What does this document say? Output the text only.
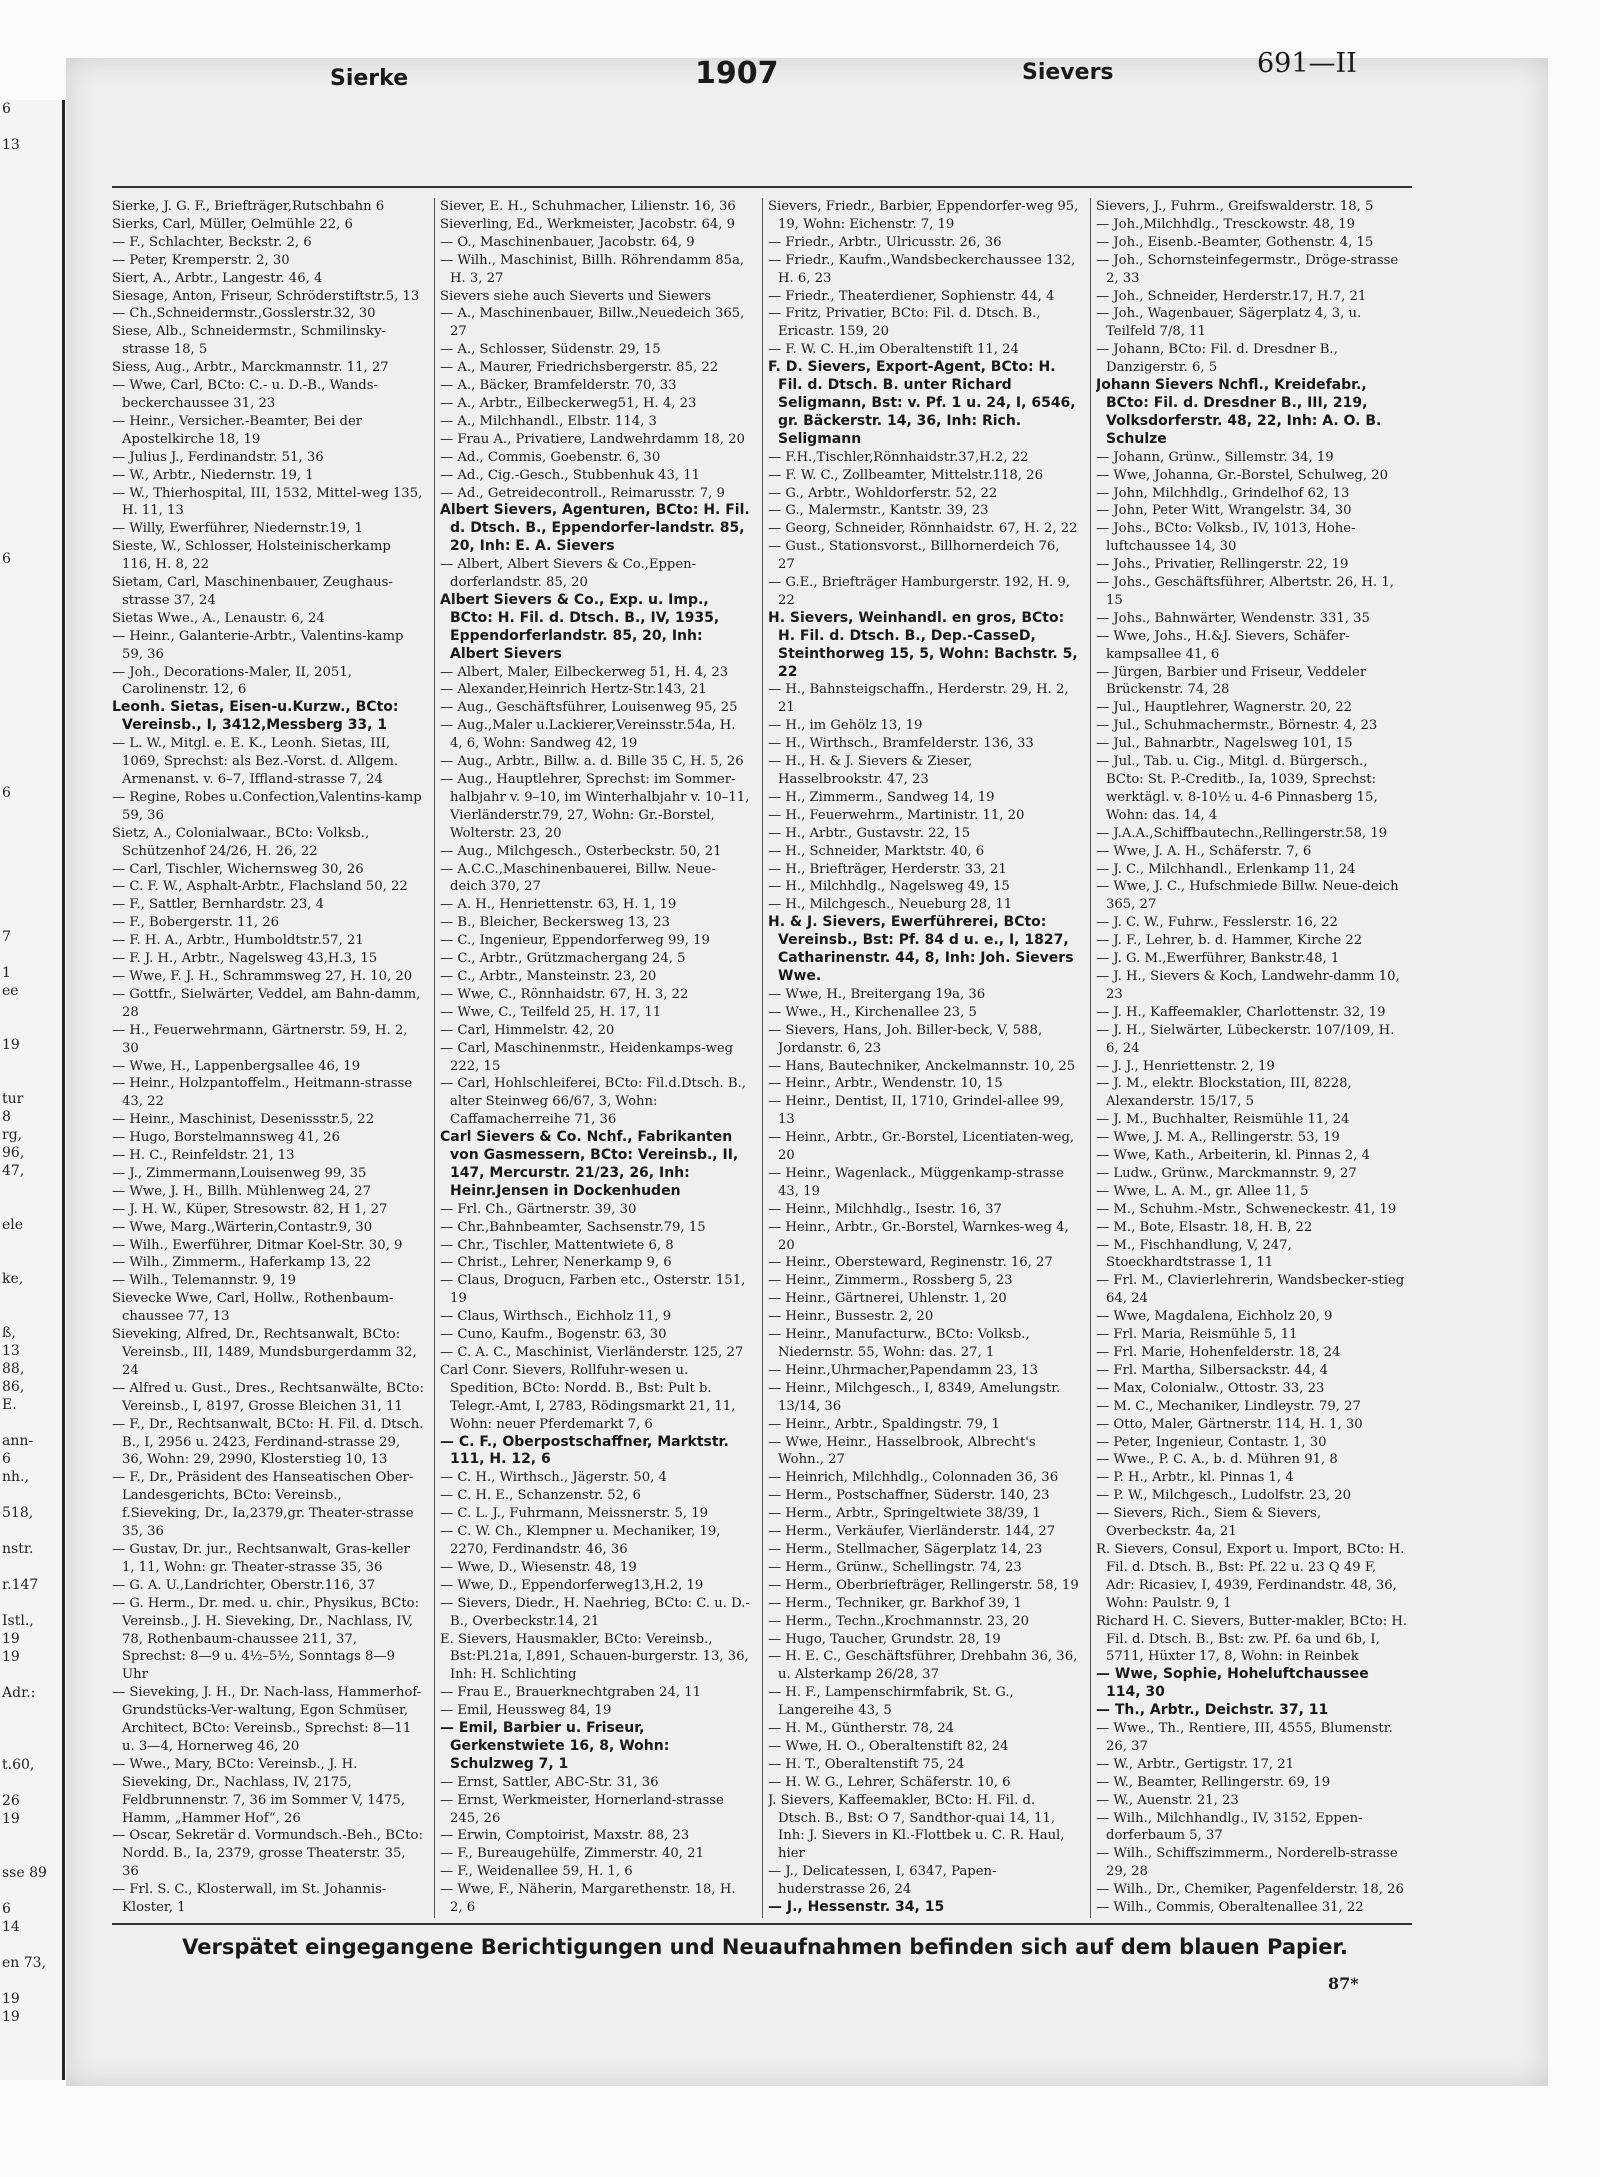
6

13

6

6

7

1
ee

19

tur
8
rg,
96,
47,

ele

ke,

ß,
13
88,
86,
E.

ann-
6
nh.,

518,

nstr.

r.147

Istl.,
19
19

Adr.:

t.60,

26
19

sse 89

6
14

en 73,

19
19

Sierke	1907	Sievers	691—II
Sierke, J. G. F., Briefträger,Rutschbahn 6
Sierks, Carl, Müller, Oelmühle 22, 6
— F., Schlachter, Beckstr. 2, 6
— Peter, Kremperstr. 2, 30
Siert, A., Arbtr., Langestr. 46, 4
Siesage, Anton, Friseur, Schröderstiftstr.5, 13
— Ch.,Schneidermstr.,Gosslerstr.32, 30
Siese, Alb., Schneidermstr., Schmilinsky-strasse 18, 5
Siess, Aug., Arbtr., Marckmannstr. 11, 27
— Wwe, Carl, BCto: C.- u. D.-B., Wands-beckerchaussee 31, 23
— Heinr., Versicher.-Beamter, Bei der Apostelkirche 18, 19
— Julius J., Ferdinandstr. 51, 36
— W., Arbtr., Niedernstr. 19, 1
— W., Thierhospital, III, 1532, Mittel-weg 135, H. 11, 13
— Willy, Ewerführer, Niedernstr.19, 1
Sieste, W., Schlosser, Holsteinischerkamp 116, H. 8, 22
Sietam, Carl, Maschinenbauer, Zeughaus-strasse 37, 24
Sietas Wwe., A., Lenaustr. 6, 24
— Heinr., Galanterie-Arbtr., Valentins-kamp 59, 36
— Joh., Decorations-Maler, II, 2051, Carolinenstr. 12, 6
Leonh. Sietas, Eisen-u.Kurzw., BCto: Vereinsb., I, 3412,Messberg 33, 1
— L. W., Mitgl. e. E. K., Leonh. Sietas, III, 1069, Sprechst: als Bez.-Vorst. d. Allgem. Armenanst. v. 6–7, Iffland-strasse 7, 24
— Regine, Robes u.Confection,Valentins-kamp 59, 36
Sietz, A., Colonialwaar., BCto: Volksb., Schützenhof 24/26, H. 26, 22
— Carl, Tischler, Wichernsweg 30, 26
— C. F. W., Asphalt-Arbtr., Flachsland 50, 22
— F., Sattler, Bernhardstr. 23, 4
— F., Bobergerstr. 11, 26
— F. H. A., Arbtr., Humboldtstr.57, 21
— F. J. H., Arbtr., Nagelsweg 43,H.3, 15
— Wwe, F. J. H., Schrammsweg 27, H. 10, 20
— Gottfr., Sielwärter, Veddel, am Bahn-damm, 28
— H., Feuerwehrmann, Gärtnerstr. 59, H. 2, 30
— Wwe, H., Lappenbergsallee 46, 19
— Heinr., Holzpantoffelm., Heitmann-strasse 43, 22
— Heinr., Maschinist, Desenissstr.5, 22
— Hugo, Borstelmannsweg 41, 26
— H. C., Reinfeldstr. 21, 13
— J., Zimmermann,Louisenweg 99, 35
— Wwe, J. H., Billh. Mühlenweg 24, 27
— J. H. W., Küper, Stresowstr. 82, H 1, 27
— Wwe, Marg.,Wärterin,Contastr.9, 30
— Wilh., Ewerführer, Ditmar Koel-Str. 30, 9
— Wilh., Zimmerm., Haferkamp 13, 22
— Wilh., Telemannstr. 9, 19
Sievecke Wwe, Carl, Hollw., Rothenbaum-chaussee 77, 13
Sieveking, Alfred, Dr., Rechtsanwalt, BCto: Vereinsb., III, 1489, Mundsburgerdamm 32, 24
— Alfred u. Gust., Dres., Rechtsanwälte, BCto: Vereinsb., I, 8197, Grosse Bleichen 31, 11
— F., Dr., Rechtsanwalt, BCto: H. Fil. d. Dtsch. B., I, 2956 u. 2423, Ferdinand-strasse 29, 36, Wohn: 29, 2990, Klosterstieg 10, 13
— F., Dr., Präsident des Hanseatischen Ober-Landesgerichts, BCto: Vereinsb., f.Sieveking, Dr., Ia,2379,gr. Theater-strasse 35, 36
— Gustav, Dr. jur., Rechtsanwalt, Gras-keller 1, 11, Wohn: gr. Theater-strasse 35, 36
— G. A. U.,Landrichter, Oberstr.116, 37
— G. Herm., Dr. med. u. chir., Physikus, BCto: Vereinsb., J. H. Sieveking, Dr., Nachlass, IV, 78, Rothenbaum-chaussee 211, 37, Sprechst: 8—9 u. 4½–5½, Sonntags 8—9 Uhr
— Sieveking, J. H., Dr. Nach-lass, Hammerhof-Grundstücks-Ver-waltung, Egon Schmüser, Architect, BCto: Vereinsb., Sprechst: 8—11 u. 3—4, Hornerweg 46, 20
— Wwe., Mary, BCto: Vereinsb., J. H. Sieveking, Dr., Nachlass, IV, 2175, Feldbrunnenstr. 7, 36 im Sommer V, 1475, Hamm, „Hammer Hof“, 26
— Oscar, Sekretär d. Vormundsch.-Beh., BCto: Nordd. B., Ia, 2379, grosse Theaterstr. 35, 36
— Frl. S. C., Klosterwall, im St. Johannis-Kloster, 1
Siever, E. H., Schuhmacher, Lilienstr. 16, 36
Sieverling, Ed., Werkmeister, Jacobstr. 64, 9
— O., Maschinenbauer, Jacobstr. 64, 9
— Wilh., Maschinist, Billh. Röhrendamm 85a, H. 3, 27
Sievers siehe auch Sieverts und Siewers
— A., Maschinenbauer, Billw.,Neuedeich 365, 27
— A., Schlosser, Südenstr. 29, 15
— A., Maurer, Friedrichsbergerstr. 85, 22
— A., Bäcker, Bramfelderstr. 70, 33
— A., Arbtr., Eilbeckerweg51, H. 4, 23
— A., Milchhandl., Elbstr. 114, 3
— Frau A., Privatiere, Landwehrdamm 18, 20
— Ad., Commis, Goebenstr. 6, 30
— Ad., Cig.-Gesch., Stubbenhuk 43, 11
— Ad., Getreidecontroll., Reimarusstr. 7, 9
Albert Sievers, Agenturen, BCto: H. Fil. d. Dtsch. B., Eppendorfer-landstr. 85, 20, Inh: E. A. Sievers
— Albert, Albert Sievers & Co.,Eppen-dorferlandstr. 85, 20
Albert Sievers & Co., Exp. u. Imp., BCto: H. Fil. d. Dtsch. B., IV, 1935, Eppendorferlandstr. 85, 20, Inh: Albert Sievers
— Albert, Maler, Eilbeckerweg 51, H. 4, 23
— Alexander,Heinrich Hertz-Str.143, 21
— Aug., Geschäftsführer, Louisenweg 95, 25
— Aug.,Maler u.Lackierer,Vereinsstr.54a, H. 4, 6, Wohn: Sandweg 42, 19
— Aug., Arbtr., Billw. a. d. Bille 35 C, H. 5, 26
— Aug., Hauptlehrer, Sprechst: im Sommer-halbjahr v. 9–10, im Winterhalbjahr v. 10–11, Vierländerstr.79, 27, Wohn: Gr.-Borstel, Wolterstr. 23, 20
— Aug., Milchgesch., Osterbeckstr. 50, 21
— A.C.C.,Maschinenbauerei, Billw. Neue-deich 370, 27
— A. H., Henriettenstr. 63, H. 1, 19
— B., Bleicher, Beckersweg 13, 23
— C., Ingenieur, Eppendorferweg 99, 19
— C., Arbtr., Grützmachergang 24, 5
— C., Arbtr., Mansteinstr. 23, 20
— Wwe, C., Rönnhaidstr. 67, H. 3, 22
— Wwe, C., Teilfeld 25, H. 17, 11
— Carl, Himmelstr. 42, 20
— Carl, Maschinenmstr., Heidenkamps-weg 222, 15
— Carl, Hohlschleiferei, BCto: Fil.d.Dtsch. B., alter Steinweg 66/67, 3, Wohn: Caffamacherreihe 71, 36
Carl Sievers & Co. Nchf., Fabrikanten von Gasmessern, BCto: Vereinsb., II, 147, Mercurstr. 21/23, 26, Inh: Heinr.Jensen in Dockenhuden
— Frl. Ch., Gärtnerstr. 39, 30
— Chr.,Bahnbeamter, Sachsenstr.79, 15
— Chr., Tischler, Mattentwiete 6, 8
— Christ., Lehrer, Nenerkamp 9, 6
— Claus, Drogucn, Farben etc., Osterstr. 151, 19
— Claus, Wirthsch., Eichholz 11, 9
— Cuno, Kaufm., Bogenstr. 63, 30
— C. A. C., Maschinist, Vierländerstr. 125, 27
Carl Conr. Sievers, Rollfuhr-wesen u. Spedition, BCto: Nordd. B., Bst: Pult b. Telegr.-Amt, I, 2783, Rödingsmarkt 21, 11, Wohn: neuer Pferdemarkt 7, 6
— C. F., Oberpostschaffner, Marktstr. 111, H. 12, 6
— C. H., Wirthsch., Jägerstr. 50, 4
— C. H. E., Schanzenstr. 52, 6
— C. L. J., Fuhrmann, Meissnerstr. 5, 19
— C. W. Ch., Klempner u. Mechaniker, 19, 2270, Ferdinandstr. 46, 36
— Wwe, D., Wiesenstr. 48, 19
— Wwe, D., Eppendorferweg13,H.2, 19
— Sievers, Diedr., H. Naehrieg, BCto: C. u. D.-B., Overbeckstr.14, 21
E. Sievers, Hausmakler, BCto: Vereinsb., Bst:Pl.21a, I,891, Schauen-burgerstr. 13, 36, Inh: H. Schlichting
— Frau E., Brauerknechtgraben 24, 11
— Emil, Heussweg 84, 19
— Emil, Barbier u. Friseur, Gerkenstwiete 16, 8, Wohn: Schulzweg 7, 1
— Ernst, Sattler, ABC-Str. 31, 36
— Ernst, Werkmeister, Hornerland-strasse 245, 26
— Erwin, Comptoirist, Maxstr. 88, 23
— F., Bureaugehülfe, Zimmerstr. 40, 21
— F., Weidenallee 59, H. 1, 6
— Wwe, F., Näherin, Margarethenstr. 18, H. 2, 6
Sievers, Friedr., Barbier, Eppendorfer-weg 95, 19, Wohn: Eichenstr. 7, 19
— Friedr., Arbtr., Ulricusstr. 26, 36
— Friedr., Kaufm.,Wandsbeckerchaussee 132, H. 6, 23
— Friedr., Theaterdiener, Sophienstr. 44, 4
— Fritz, Privatier, BCto: Fil. d. Dtsch. B., Ericastr. 159, 20
— F. W. C. H.,im Oberaltenstift 11, 24
F. D. Sievers, Export-Agent, BCto: H. Fil. d. Dtsch. B. unter Richard Seligmann, Bst: v. Pf. 1 u. 24, I, 6546, gr. Bäckerstr. 14, 36, Inh: Rich. Seligmann
— F.H.,Tischler,Rönnhaidstr.37,H.2, 22
— F. W. C., Zollbeamter, Mittelstr.118, 26
— G., Arbtr., Wohldorferstr. 52, 22
— G., Malermstr., Kantstr. 39, 23
— Georg, Schneider, Rönnhaidstr. 67, H. 2, 22
— Gust., Stationsvorst., Billhornerdeich 76, 27
— G.E., Briefträger Hamburgerstr. 192, H. 9, 22
H. Sievers, Weinhandl. en gros, BCto: H. Fil. d. Dtsch. B., Dep.-CasseD, Steinthorweg 15, 5, Wohn: Bachstr. 5, 22
— H., Bahnsteigschaffn., Herderstr. 29, H. 2, 21
— H., im Gehölz 13, 19
— H., Wirthsch., Bramfelderstr. 136, 33
— H., H. & J. Sievers & Zieser, Hasselbrookstr. 47, 23
— H., Zimmerm., Sandweg 14, 19
— H., Feuerwehrm., Martinistr. 11, 20
— H., Arbtr., Gustavstr. 22, 15
— H., Schneider, Marktstr. 40, 6
— H., Briefträger, Herderstr. 33, 21
— H., Milchhdlg., Nagelsweg 49, 15
— H., Milchgesch., Neueburg 28, 11
H. & J. Sievers, Ewerführerei, BCto: Vereinsb., Bst: Pf. 84 d u. e., I, 1827, Catharinenstr. 44, 8, Inh: Joh. Sievers Wwe.
— Wwe, H., Breitergang 19a, 36
— Wwe., H., Kirchenallee 23, 5
— Sievers, Hans, Joh. Biller-beck, V, 588, Jordanstr. 6, 23
— Hans, Bautechniker, Anckelmannstr. 10, 25
— Heinr., Arbtr., Wendenstr. 10, 15
— Heinr., Dentist, II, 1710, Grindel-allee 99, 13
— Heinr., Arbtr., Gr.-Borstel, Licentiaten-weg, 20
— Heinr., Wagenlack., Müggenkamp-strasse 43, 19
— Heinr., Milchhdlg., Isestr. 16, 37
— Heinr., Arbtr., Gr.-Borstel, Warnkes-weg 4, 20
— Heinr., Obersteward, Reginenstr. 16, 27
— Heinr., Zimmerm., Rossberg 5, 23
— Heinr., Gärtnerei, Uhlenstr. 1, 20
— Heinr., Bussestr. 2, 20
— Heinr., Manufacturw., BCto: Volksb., Niedernstr. 55, Wohn: das. 27, 1
— Heinr.,Uhrmacher,Papendamm 23, 13
— Heinr., Milchgesch., I, 8349, Amelungstr. 13/14, 36
— Heinr., Arbtr., Spaldingstr. 79, 1
— Wwe, Heinr., Hasselbrook, Albrecht's Wohn., 27
— Heinrich, Milchhdlg., Colonnaden 36, 36
— Herm., Postschaffner, Süderstr. 140, 23
— Herm., Arbtr., Springeltwiete 38/39, 1
— Herm., Verkäufer, Vierländerstr. 144, 27
— Herm., Stellmacher, Sägerplatz 14, 23
— Herm., Grünw., Schellingstr. 74, 23
— Herm., Oberbriefträger, Rellingerstr. 58, 19
— Herm., Techniker, gr. Barkhof 39, 1
— Herm., Techn.,Krochmannstr. 23, 20
— Hugo, Taucher, Grundstr. 28, 19
— H. E. C., Geschäftsführer, Drehbahn 36, 36, u. Alsterkamp 26/28, 37
— H. F., Lampenschirmfabrik, St. G., Langereihe 43, 5
— H. M., Güntherstr. 78, 24
— Wwe, H. O., Oberaltenstift 82, 24
— H. T., Oberaltenstift 75, 24
— H. W. G., Lehrer, Schäferstr. 10, 6
J. Sievers, Kaffeemakler, BCto: H. Fil. d. Dtsch. B., Bst: O 7, Sandthor-quai 14, 11, Inh: J. Sievers in Kl.-Flottbek u. C. R. Haul, hier
— J., Delicatessen, I, 6347, Papen-huderstrasse 26, 24
— J., Hessenstr. 34, 15
Sievers, J., Fuhrm., Greifswalderstr. 18, 5
— Joh.,Milchhdlg., Tresckowstr. 48, 19
— Joh., Eisenb.-Beamter, Gothenstr. 4, 15
— Joh., Schornsteinfegermstr., Dröge-strasse 2, 33
— Joh., Schneider, Herderstr.17, H.7, 21
— Joh., Wagenbauer, Sägerplatz 4, 3, u. Teilfeld 7/8, 11
— Johann, BCto: Fil. d. Dresdner B., Danzigerstr. 6, 5
Johann Sievers Nchfl., Kreidefabr., BCto: Fil. d. Dresdner B., III, 219, Volksdorferstr. 48, 22, Inh: A. O. B. Schulze
— Johann, Grünw., Sillemstr. 34, 19
— Wwe, Johanna, Gr.-Borstel, Schulweg, 20
— John, Milchhdlg., Grindelhof 62, 13
— John, Peter Witt, Wrangelstr. 34, 30
— Johs., BCto: Volksb., IV, 1013, Hohe-luftchaussee 14, 30
— Johs., Privatier, Rellingerstr. 22, 19
— Johs., Geschäftsführer, Albertstr. 26, H. 1, 15
— Johs., Bahnwärter, Wendenstr. 331, 35
— Wwe, Johs., H.&J. Sievers, Schäfer-kampsallee 41, 6
— Jürgen, Barbier und Friseur, Veddeler Brückenstr. 74, 28
— Jul., Hauptlehrer, Wagnerstr. 20, 22
— Jul., Schuhmachermstr., Börnestr. 4, 23
— Jul., Bahnarbtr., Nagelsweg 101, 15
— Jul., Tab. u. Cig., Mitgl. d. Bürgersch., BCto: St. P.-Creditb., Ia, 1039, Sprechst: werktägl. v. 8-10½ u. 4-6 Pinnasberg 15, Wohn: das. 14, 4
— J.A.A.,Schiffbautechn.,Rellingerstr.58, 19
— Wwe, J. A. H., Schäferstr. 7, 6
— J. C., Milchhandl., Erlenkamp 11, 24
— Wwe, J. C., Hufschmiede Billw. Neue-deich 365, 27
— J. C. W., Fuhrw., Fesslerstr. 16, 22
— J. F., Lehrer, b. d. Hammer, Kirche 22
— J. G. M.,Ewerführer, Bankstr.48, 1
— J. H., Sievers & Koch, Landwehr-damm 10, 23
— J. H., Kaffeemakler, Charlottenstr. 32, 19
— J. H., Sielwärter, Lübeckerstr. 107/109, H. 6, 24
— J. J., Henriettenstr. 2, 19
— J. M., elektr. Blockstation, III, 8228, Alexanderstr. 15/17, 5
— J. M., Buchhalter, Reismühle 11, 24
— Wwe, J. M. A., Rellingerstr. 53, 19
— Wwe, Kath., Arbeiterin, kl. Pinnas 2, 4
— Ludw., Grünw., Marckmannstr. 9, 27
— Wwe, L. A. M., gr. Allee 11, 5
— M., Schuhm.-Mstr., Schweneckestr. 41, 19
— M., Bote, Elsastr. 18, H. B, 22
— M., Fischhandlung, V, 247, Stoeckhardtstrasse 1, 11
— Frl. M., Clavierlehrerin, Wandsbecker-stieg 64, 24
— Wwe, Magdalena, Eichholz 20, 9
— Frl. Maria, Reismühle 5, 11
— Frl. Marie, Hohenfelderstr. 18, 24
— Frl. Martha, Silbersackstr. 44, 4
— Max, Colonialw., Ottostr. 33, 23
— M. C., Mechaniker, Lindleystr. 79, 27
— Otto, Maler, Gärtnerstr. 114, H. 1, 30
— Peter, Ingenieur, Contastr. 1, 30
— Wwe., P. C. A., b. d. Mühren 91, 8
— P. H., Arbtr., kl. Pinnas 1, 4
— P. W., Milchgesch., Ludolfstr. 23, 20
— Sievers, Rich., Siem & Sievers, Overbeckstr. 4a, 21
R. Sievers, Consul, Export u. Import, BCto: H. Fil. d. Dtsch. B., Bst: Pf. 22 u. 23 Q 49 F, Adr: Ricasiev, I, 4939, Ferdinandstr. 48, 36, Wohn: Paulstr. 9, 1
Richard H. C. Sievers, Butter-makler, BCto: H. Fil. d. Dtsch. B., Bst: zw. Pf. 6a und 6b, I, 5711, Hüxter 17, 8, Wohn: in Reinbek
— Wwe, Sophie, Hoheluftchaussee 114, 30
— Th., Arbtr., Deichstr. 37, 11
— Wwe., Th., Rentiere, III, 4555, Blumenstr. 26, 37
— W., Arbtr., Gertigstr. 17, 21
— W., Beamter, Rellingerstr. 69, 19
— W., Auenstr. 21, 23
— Wilh., Milchhandlg., IV, 3152, Eppen-dorferbaum 5, 37
— Wilh., Schiffszimmerm., Norderelb-strasse 29, 28
— Wilh., Dr., Chemiker, Pagenfelderstr. 18, 26
— Wilh., Commis, Oberaltenallee 31, 22
Verspätet eingegangene Berichtigungen und Neuaufnahmen befinden sich auf dem blauen Papier.
87*
